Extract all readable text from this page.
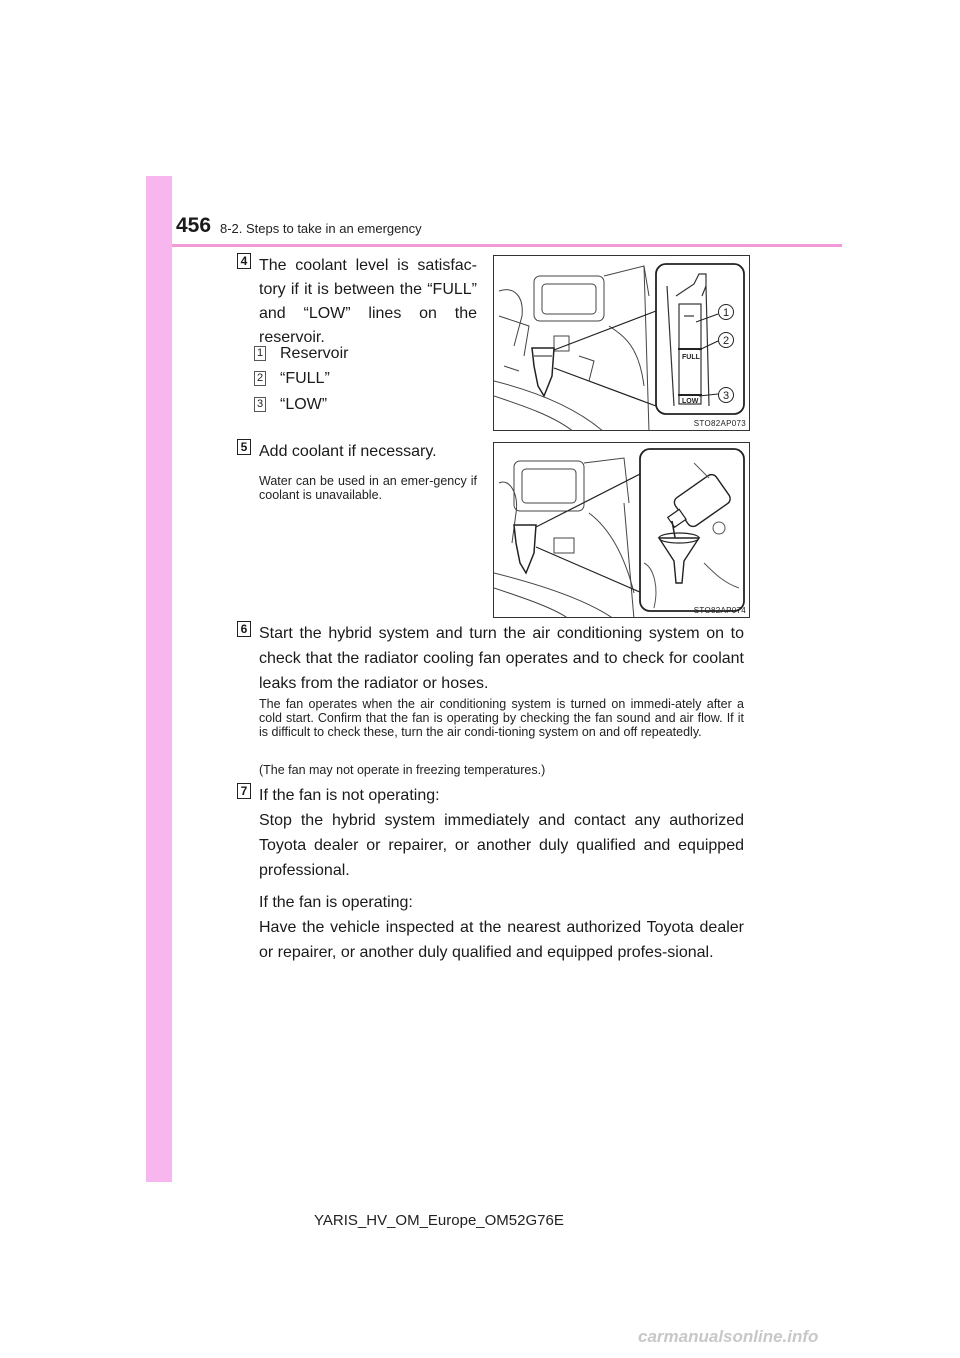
456 8-2. Steps to take in an emergency
4 The coolant level is satisfac-tory if it is between the “FULL” and “LOW” lines on the reservoir.
1 Reservoir
2 “FULL”
3 “LOW”
1
2
3
FULL
LOW
STO82AP073
5 Add coolant if necessary.
Water can be used in an emer-gency if coolant is unavailable.
STO82AP074
6 Start the hybrid system and turn the air conditioning system on to check that the radiator cooling fan operates and to check for coolant leaks from the radiator or hoses.
The fan operates when the air conditioning system is turned on immedi-ately after a cold start. Confirm that the fan is operating by checking the fan sound and air flow. If it is difficult to check these, turn the air condi-tioning system on and off repeatedly.
(The fan may not operate in freezing temperatures.)
7 If the fan is not operating:
Stop the hybrid system immediately and contact any authorized Toyota dealer or repairer, or another duly qualified and equipped professional.
If the fan is operating:
Have the vehicle inspected at the nearest authorized Toyota dealer or repairer, or another duly qualified and equipped profes-sional.
YARIS_HV_OM_Europe_OM52G76E
carmanualsonline.info
